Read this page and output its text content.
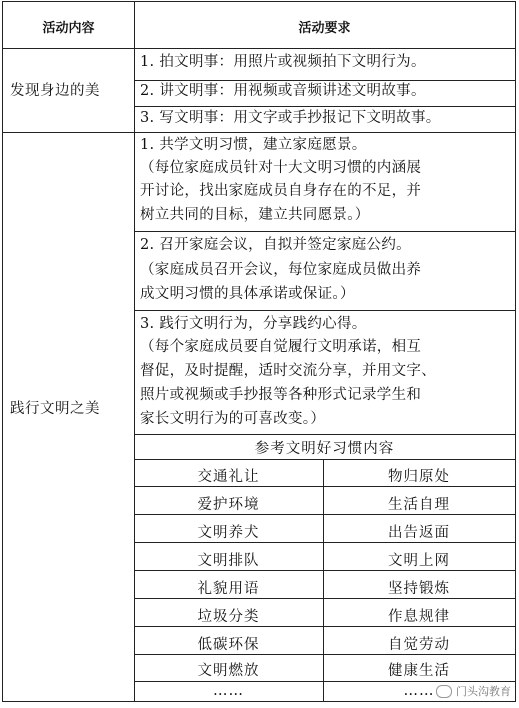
活动内容	活动要求
发现身边的美
1. 拍文明事：用照片或视频拍下文明行为。
2. 讲文明事：用视频或音频讲述文明故事。
3. 写文明事：用文字或手抄报记下文明故事。
践行文明之美
1. 共学文明习惯，建立家庭愿景。
（每位家庭成员针对十大文明习惯的内涵展
开讨论，找出家庭成员自身存在的不足，并
树立共同的目标，建立共同愿景。）
2. 召开家庭会议，自拟并签定家庭公约。
（家庭成员召开会议，每位家庭成员做出养
成文明习惯的具体承诺或保证。）
3. 践行文明行为，分享践约心得。
（每个家庭成员要自觉履行文明承诺，相互
督促，及时提醒，适时交流分享，并用文字、
照片或视频或手抄报等各种形式记录学生和
家长文明行为的可喜改变。）
参考文明好习惯内容
交通礼让
爱护环境
文明养犬
文明排队
礼貌用语
垃圾分类
低碳环保
文明燃放
……
物归原处
生活自理
出告返面
文明上网
坚持锻炼
作息规律
自觉劳动
健康生活
……	门头沟教育
